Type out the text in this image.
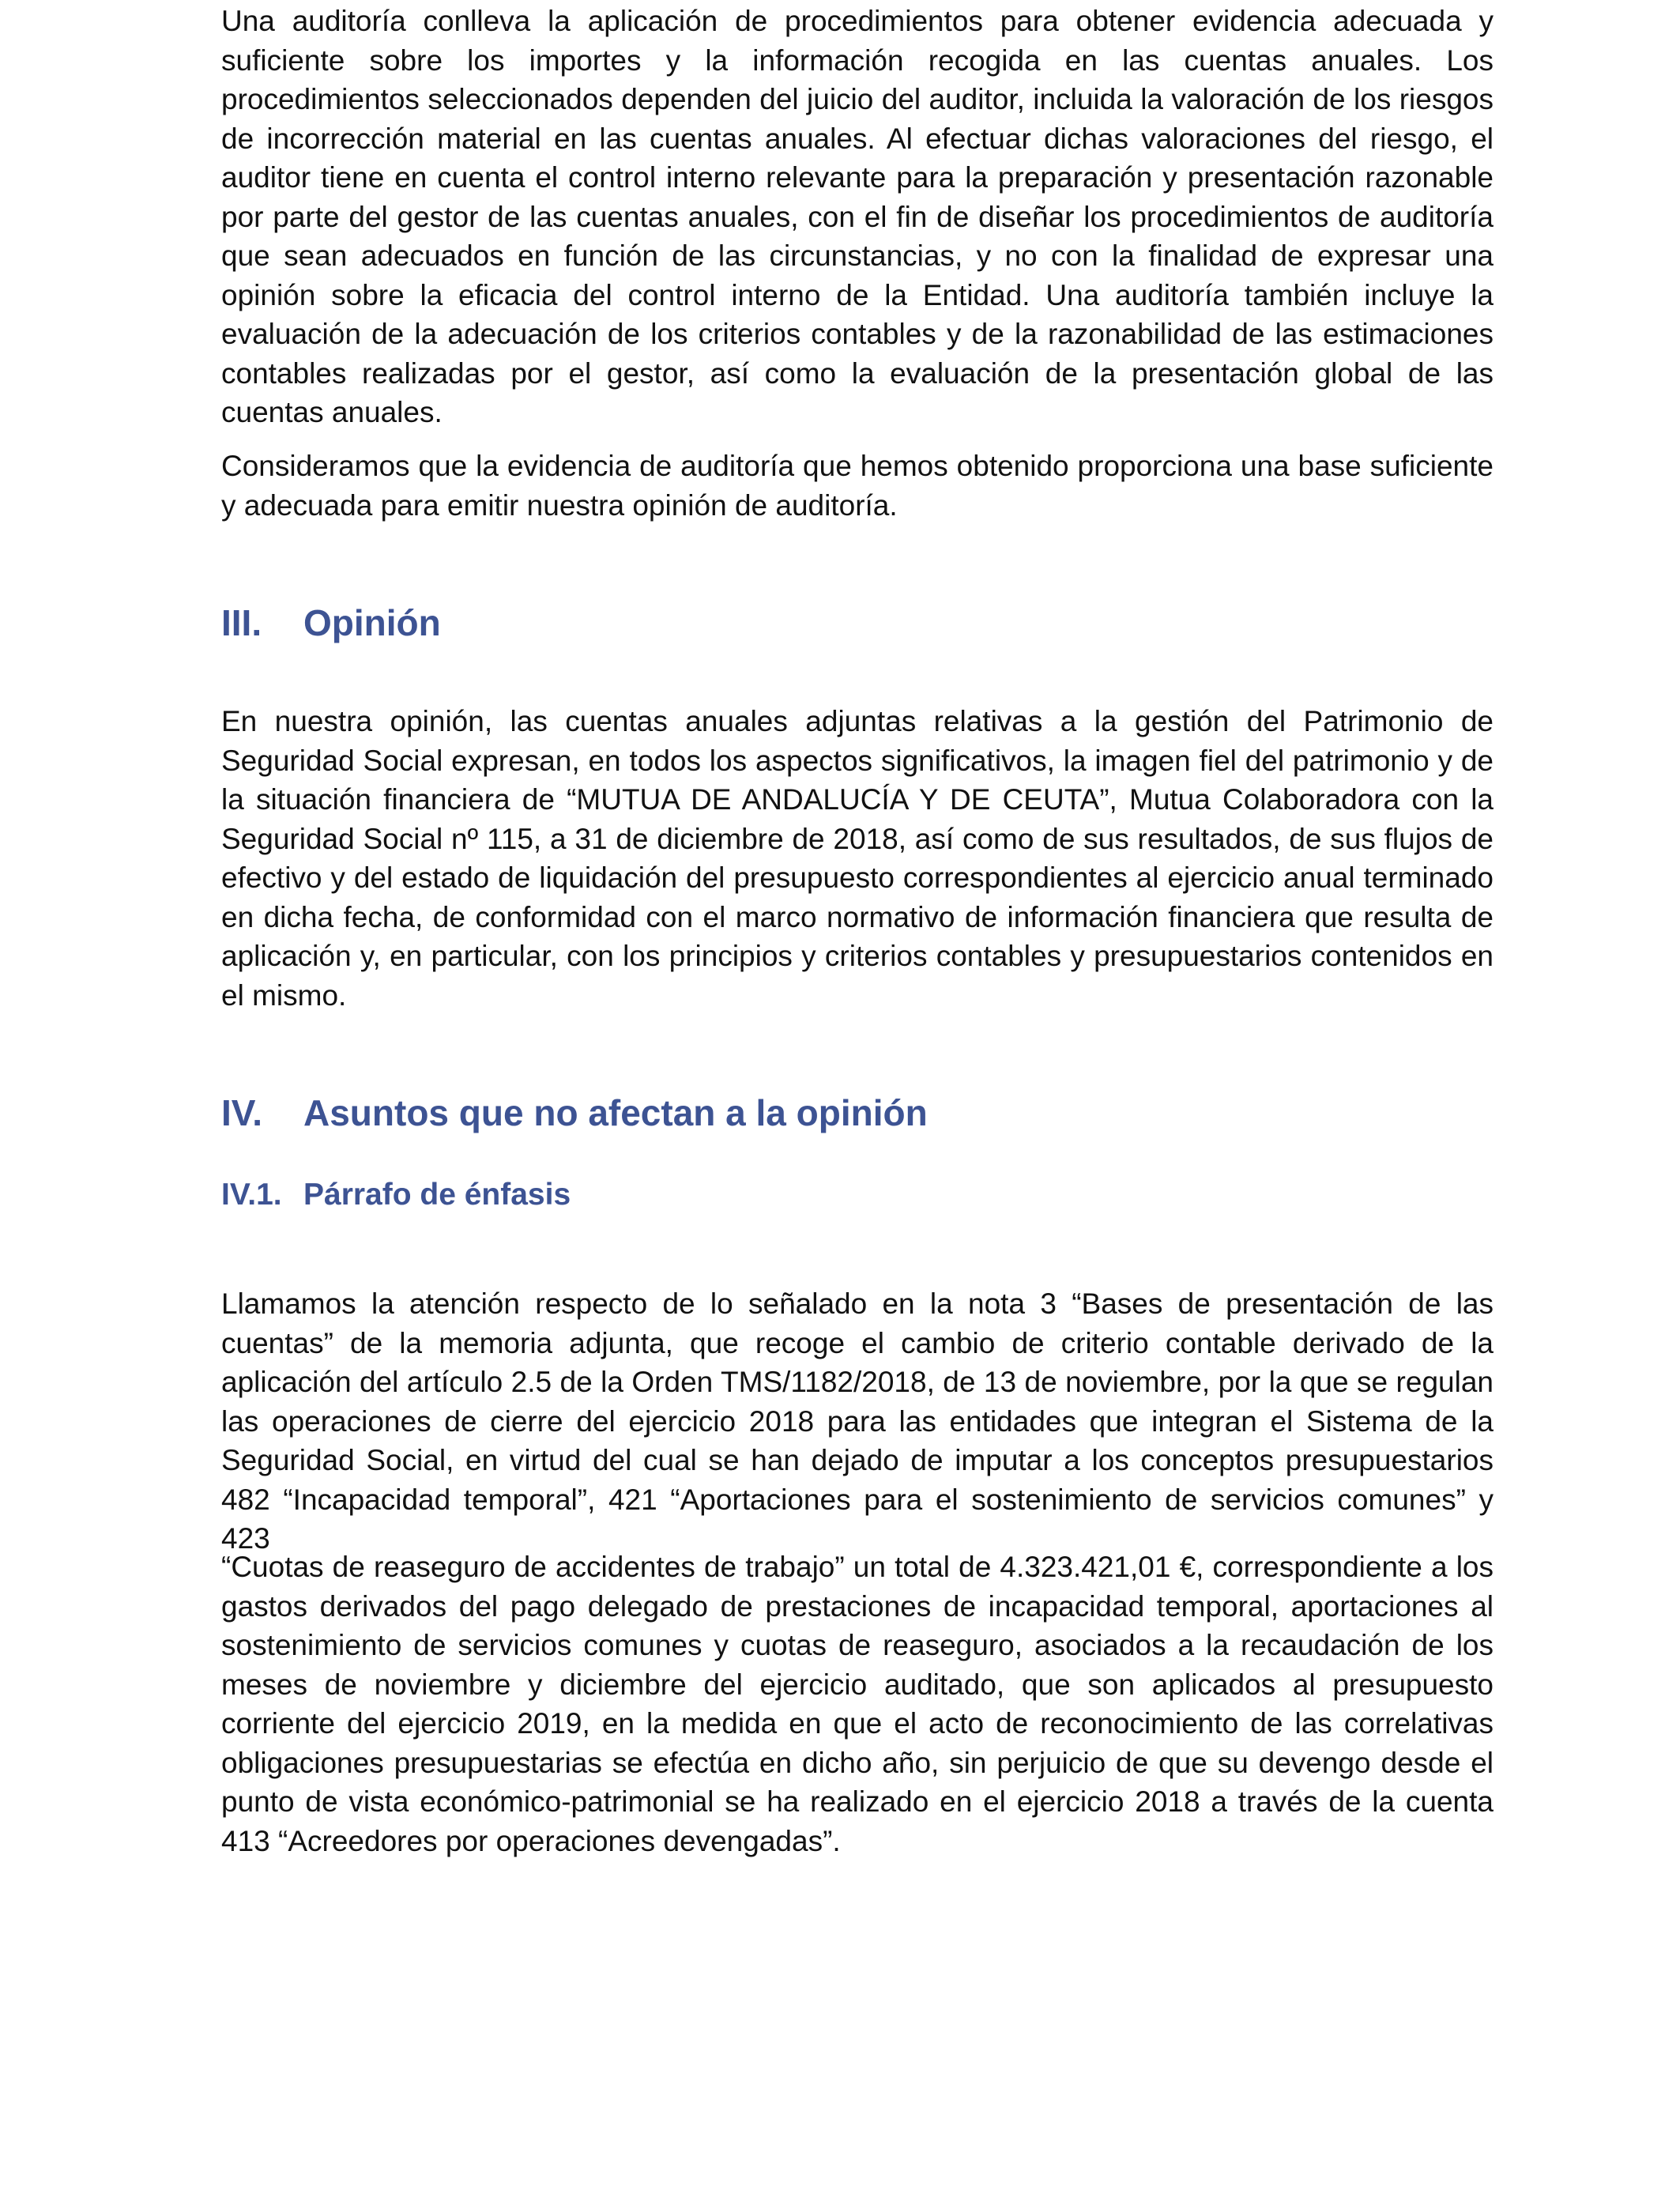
Una auditoría conlleva la aplicación de procedimientos para obtener evidencia adecuada y suficiente sobre los importes y la información recogida en las cuentas anuales. Los procedimientos seleccionados dependen del juicio del auditor, incluida la valoración de los riesgos de incorrección material en las cuentas anuales. Al efectuar dichas valoraciones del riesgo, el auditor tiene en cuenta el control interno relevante para la preparación y presentación razonable por parte del gestor de las cuentas anuales, con el fin de diseñar los procedimientos de auditoría que sean adecuados en función de las circunstancias, y no con la finalidad de expresar una opinión sobre la eficacia del control interno de la Entidad. Una auditoría también incluye la evaluación de la adecuación de los criterios contables y de la razonabilidad de las estimaciones contables realizadas por el gestor, así como la evaluación de la presentación global de las cuentas anuales.

Consideramos que la evidencia de auditoría que hemos obtenido proporciona una base suficiente y adecuada para emitir nuestra opinión de auditoría.

III. Opinión

En nuestra opinión, las cuentas anuales adjuntas relativas a la gestión del Patrimonio de Seguridad Social expresan, en todos los aspectos significativos, la imagen fiel del patrimonio y de la situación financiera de “MUTUA DE ANDALUCÍA Y DE CEUTA”, Mutua Colaboradora con la Seguridad Social nº 115, a 31 de diciembre de 2018, así como de sus resultados, de sus flujos de efectivo y del estado de liquidación del presupuesto correspondientes al ejercicio anual terminado en dicha fecha, de conformidad con el marco normativo de información financiera que resulta de aplicación y, en particular, con los principios y criterios contables y presupuestarios contenidos en el mismo.

IV. Asuntos que no afectan a la opinión
IV.1. Párrafo de énfasis

Llamamos la atención respecto de lo señalado en la nota 3 “Bases de presentación de las cuentas” de la memoria adjunta, que recoge el cambio de criterio contable derivado de la aplicación del artículo 2.5 de la Orden TMS/1182/2018, de 13 de noviembre, por la que se regulan las operaciones de cierre del ejercicio 2018 para las entidades que integran el Sistema de la Seguridad Social, en virtud del cual se han dejado de imputar a los conceptos presupuestarios 482 “Incapacidad temporal”, 421 “Aportaciones para el sostenimiento de servicios comunes” y 423

“Cuotas de reaseguro de accidentes de trabajo” un total de 4.323.421,01 €, correspondiente a los gastos derivados del pago delegado de prestaciones de incapacidad temporal, aportaciones al sostenimiento de servicios comunes y cuotas de reaseguro, asociados a la recaudación de los meses de noviembre y diciembre del ejercicio auditado, que son aplicados al presupuesto corriente del ejercicio 2019, en la medida en que el acto de reconocimiento de las correlativas obligaciones presupuestarias se efectúa en dicho año, sin perjuicio de que su devengo desde el punto de vista económico-patrimonial se ha realizado en el ejercicio 2018 a través de la cuenta 413 “Acreedores por operaciones devengadas”.
